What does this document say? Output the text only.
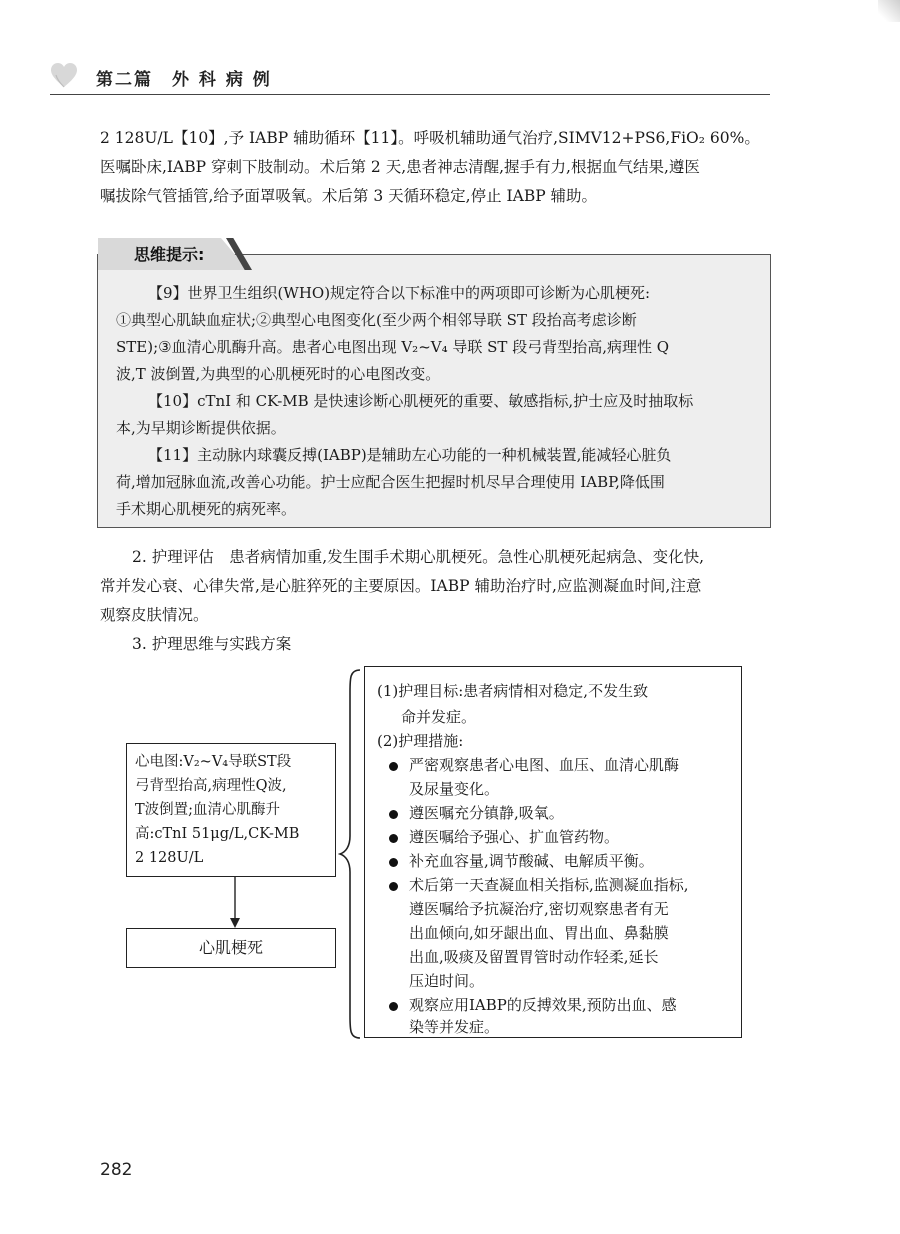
第二篇　外 科 病 例
2 128U/L【10】,予 IABP 辅助循环【11】。呼吸机辅助通气治疗,SIMV12+PS6,FiO₂ 60%。
医嘱卧床,IABP 穿刺下肢制动。术后第 2 天,患者神志清醒,握手有力,根据血气结果,遵医
嘱拔除气管插管,给予面罩吸氧。术后第 3 天循环稳定,停止 IABP 辅助。
思维提示:
【9】世界卫生组织(WHO)规定符合以下标准中的两项即可诊断为心肌梗死:
①典型心肌缺血症状;②典型心电图变化(至少两个相邻导联 ST 段抬高考虑诊断
STE);③血清心肌酶升高。患者心电图出现 V₂~V₄ 导联 ST 段弓背型抬高,病理性 Q
波,T 波倒置,为典型的心肌梗死时的心电图改变。
【10】cTnI 和 CK-MB 是快速诊断心肌梗死的重要、敏感指标,护士应及时抽取标
本,为早期诊断提供依据。
【11】主动脉内球囊反搏(IABP)是辅助左心功能的一种机械装置,能减轻心脏负
荷,增加冠脉血流,改善心功能。护士应配合医生把握时机尽早合理使用 IABP,降低围
手术期心肌梗死的病死率。
2. 护理评估　患者病情加重,发生围手术期心肌梗死。急性心肌梗死起病急、变化快,
常并发心衰、心律失常,是心脏猝死的主要原因。IABP 辅助治疗时,应监测凝血时间,注意
观察皮肤情况。
3. 护理思维与实践方案
心电图:V₂~V₄导联ST段
弓背型抬高,病理性Q波,
T波倒置;血清心肌酶升
高:cTnI 51μg/L,CK-MB
2 128U/L
心肌梗死
(1)护理目标:患者病情相对稳定,不发生致
命并发症。
(2)护理措施:
严密观察患者心电图、血压、血清心肌酶
及尿量变化。
遵医嘱充分镇静,吸氧。
遵医嘱给予强心、扩血管药物。
补充血容量,调节酸碱、电解质平衡。
术后第一天查凝血相关指标,监测凝血指标,
遵医嘱给予抗凝治疗,密切观察患者有无
出血倾向,如牙龈出血、胃出血、鼻黏膜
出血,吸痰及留置胃管时动作轻柔,延长
压迫时间。
观察应用IABP的反搏效果,预防出血、感
染等并发症。
282
